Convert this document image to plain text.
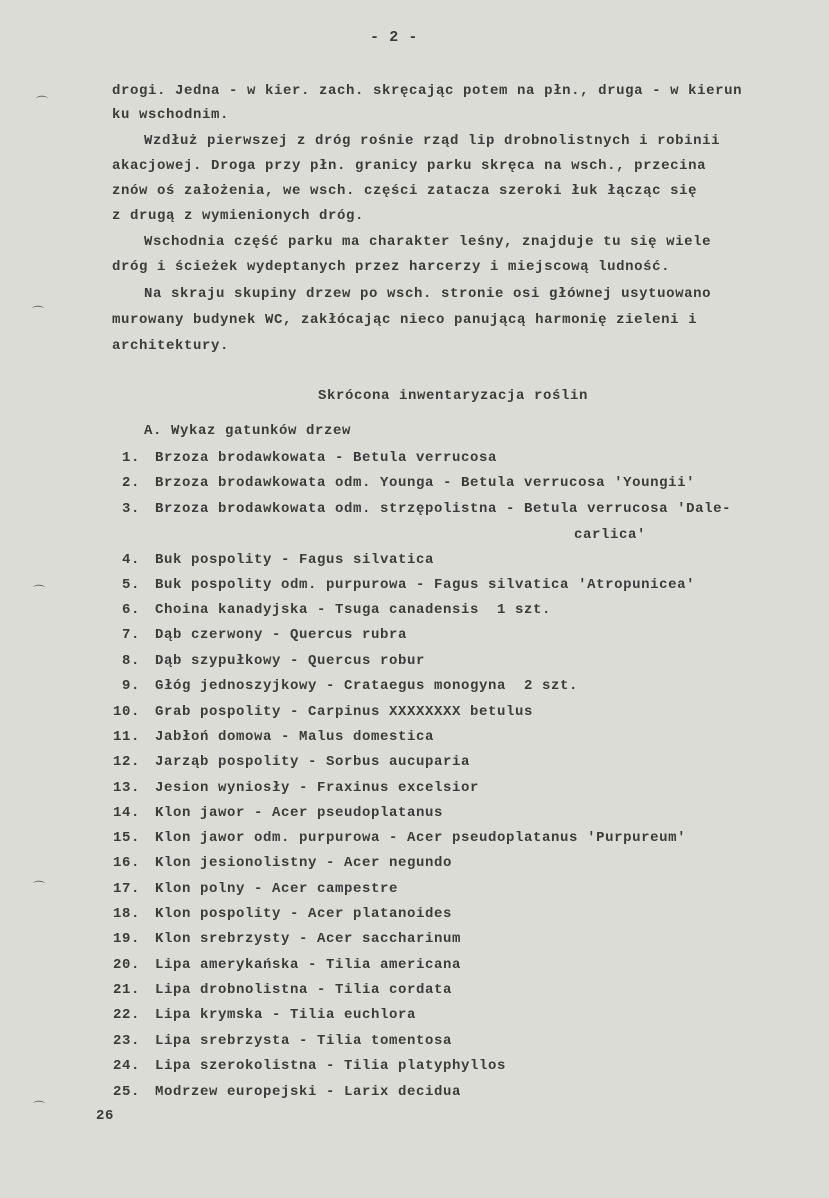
- 2 -
drogi. Jedna - w kier. zach. skręcając potem na płn., druga - w kierun
ku wschodnim.
Wzdłuż pierwszej z dróg rośnie rząd lip drobnolistnych i robinii
akacjowej. Droga przy płn. granicy parku skręca na wsch., przecina
znów oś założenia, we wsch. części zatacza szeroki łuk łącząc się
z drugą z wymienionych dróg.
Wschodnia część parku ma charakter leśny, znajduje tu się wiele
dróg i ścieżek wydeptanych przez harcerzy i miejscową ludność.
Na skraju skupiny drzew po wsch. stronie osi głównej usytuowano
murowany budynek WC, zakłócając nieco panującą harmonię zieleni i
architektury.
Skrócona inwentaryzacja roślin
A. Wykaz gatunków drzew
1. Brzoza brodawkowata - Betula verrucosa
2. Brzoza brodawkowata odm. Younga - Betula verrucosa 'Youngii'
3. Brzoza brodawkowata odm. strzępolistna - Betula verrucosa 'Dale-
carlica'
4. Buk pospolity - Fagus silvatica
5. Buk pospolity odm. purpurowa - Fagus silvatica 'Atropunicea'
6. Choina kanadyjska - Tsuga canadensis  1 szt.
7. Dąb czerwony - Quercus rubra
8. Dąb szypułkowy - Quercus robur
9. Głóg jednoszyjkowy - Crataegus monogyna  2 szt.
10. Grab pospolity - Carpinus XXXXXXXX betulus
11. Jabłoń domowa - Malus domestica
12. Jarząb pospolity - Sorbus aucuparia
13. Jesion wyniosły - Fraxinus excelsior
14. Klon jawor - Acer pseudoplatanus
15. Klon jawor odm. purpurowa - Acer pseudoplatanus 'Purpureum'
16. Klon jesionolistny - Acer negundo
17. Klon polny - Acer campestre
18. Klon pospolity - Acer platanoides
19. Klon srebrzysty - Acer saccharinum
20. Lipa amerykańska - Tilia americana
21. Lipa drobnolistna - Tilia cordata
22. Lipa krymska - Tilia euchlora
23. Lipa srebrzysta - Tilia tomentosa
24. Lipa szerokolistna - Tilia platyphyllos
25. Modrzew europejski - Larix decidua
26
⌒
⌒
⌒
⌒
⌒
